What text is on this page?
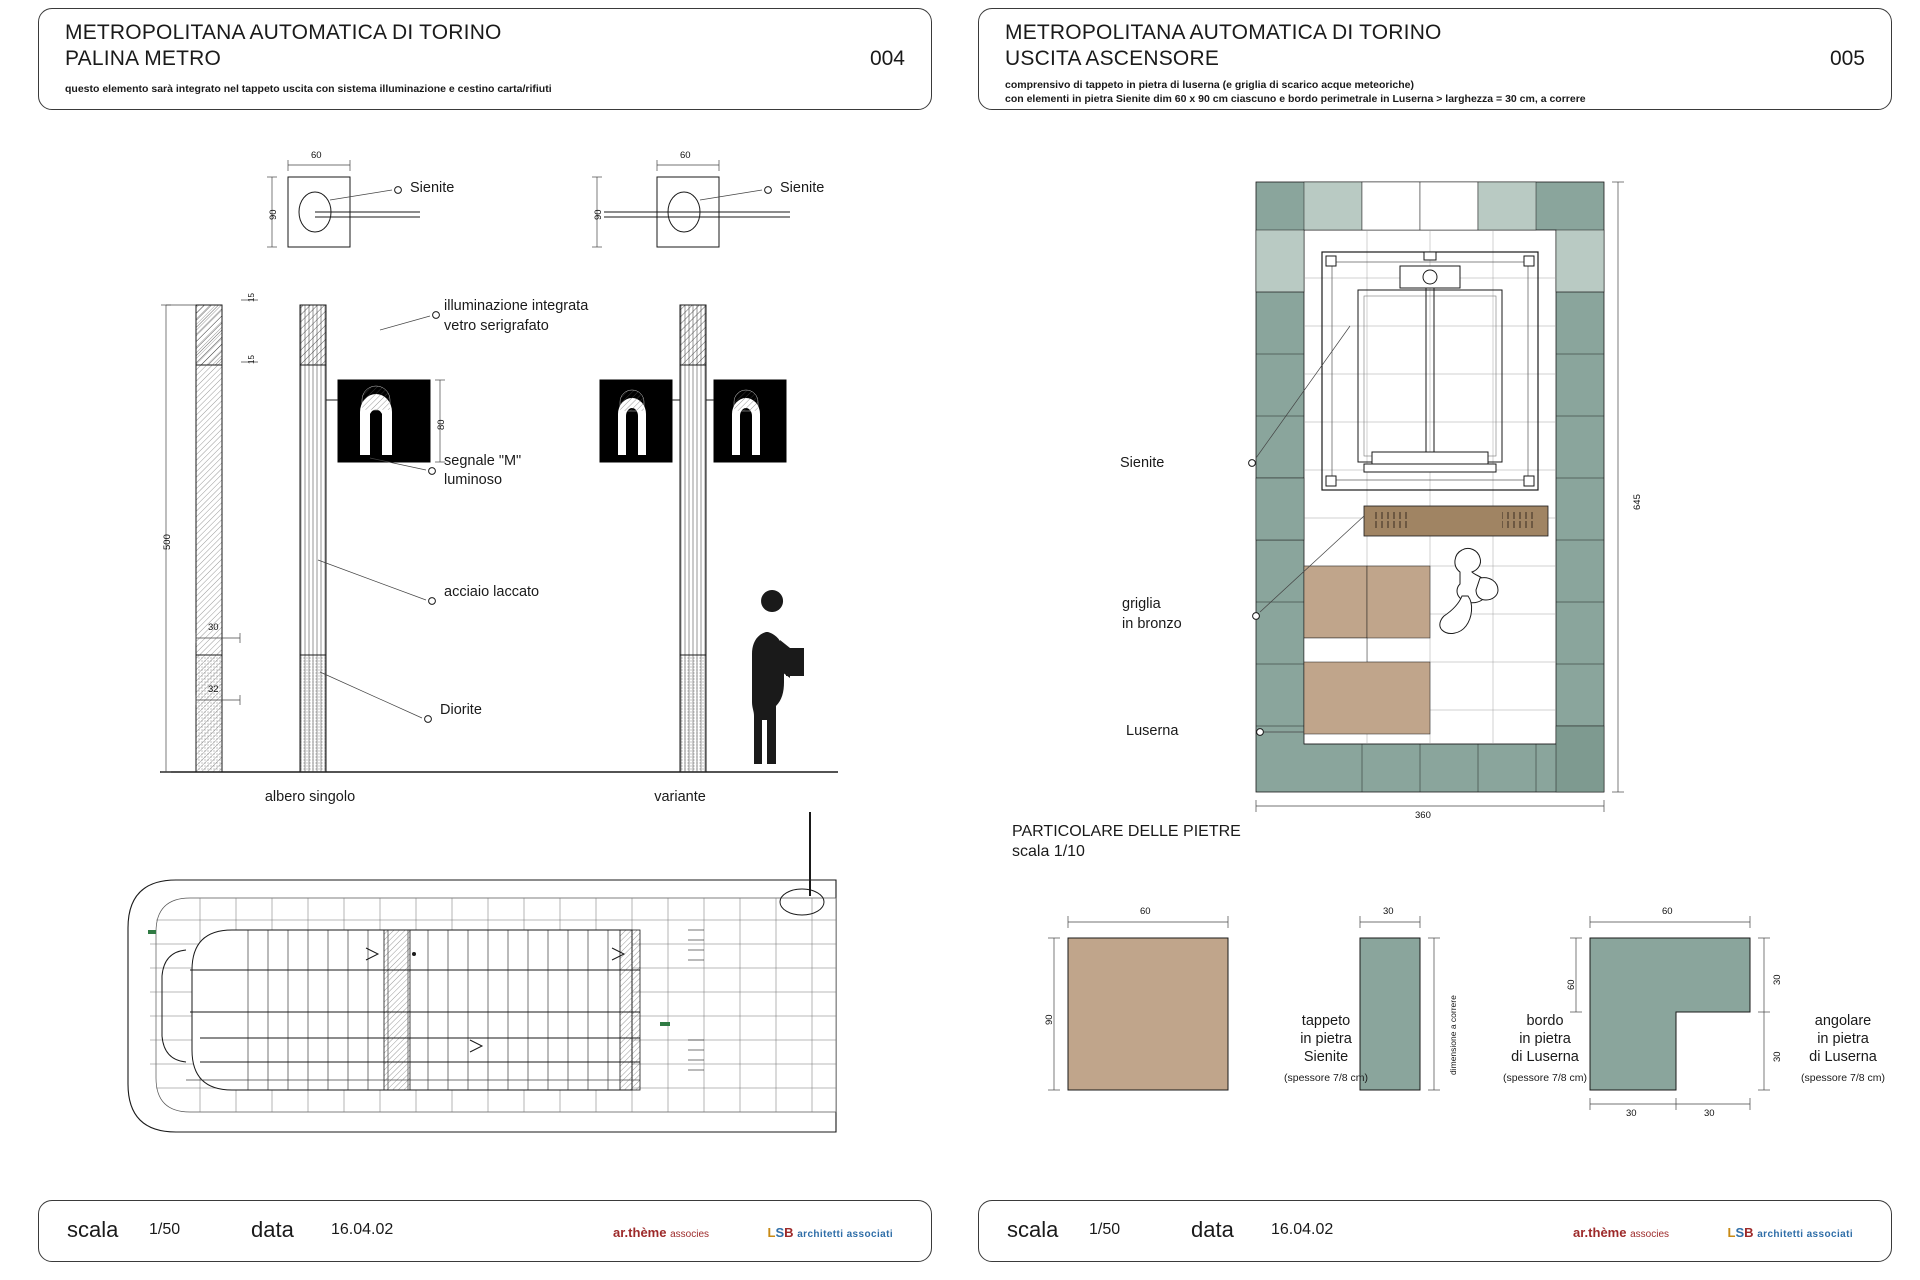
METROPOLITANA AUTOMATICA DI TORINO
PALINA METRO	004
questo elemento sarà integrato nel tappeto uscita con sistema illuminazione e cestino carta/rifiuti
Sienite	Sienite
illuminazione integrata
vetro serigrafato
segnale "M"
luminoso
acciaio laccato
Diorite
albero singolo	variante
60
90
60
90
500
30
32
80
15
15
scala 1/50	data 16.04.02	ar.thème associes	LSB architetti associati
METROPOLITANA AUTOMATICA DI TORINO
USCITA ASCENSORE	005
comprensivo di tappeto in pietra di luserna (e griglia di scarico acque meteoriche)
con elementi in pietra Sienite dim 60 x 90 cm ciascuno e bordo perimetrale in Luserna > larghezza = 30 cm, a correre
Sienite
griglia
in bronzo
Luserna
360
645
PARTICOLARE DELLE PIETRE
scala 1/10
60
90
30
dimensione a correre
60
60	30
30
30	30
tappeto
in pietra
Sienite
(spessore 7/8 cm)
bordo
in pietra
di Luserna
(spessore 7/8 cm)
angolare
in pietra
di Luserna
(spessore 7/8 cm)
scala 1/50	data 16.04.02	ar.thème associes	LSB architetti associati
